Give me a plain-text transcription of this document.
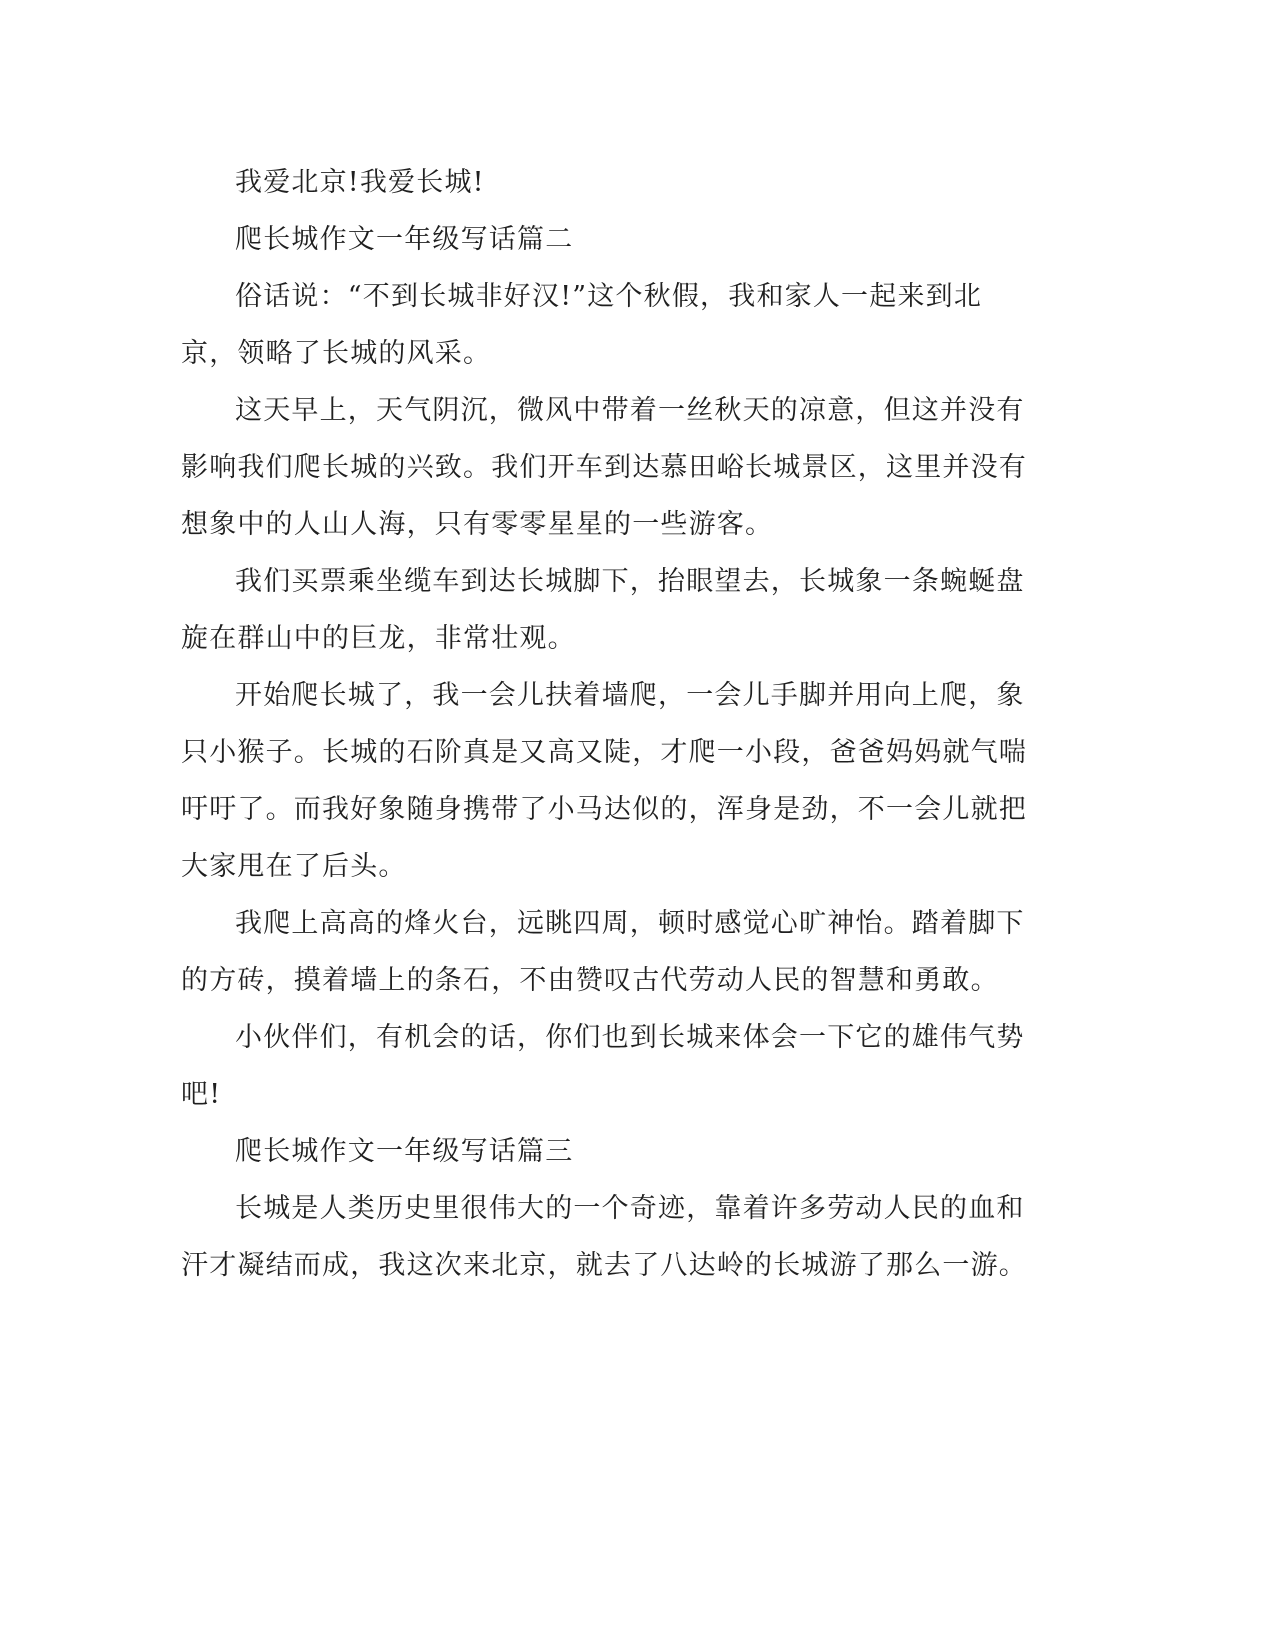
我爱北京!我爱长城!

爬长城作文一年级写话篇二

俗话说：“不到长城非好汉!”这个秋假，我和家人一起来到北京，领略了长城的风采。

这天早上，天气阴沉，微风中带着一丝秋天的凉意，但这并没有影响我们爬长城的兴致。我们开车到达慕田峪长城景区，这里并没有想象中的人山人海，只有零零星星的一些游客。

我们买票乘坐缆车到达长城脚下，抬眼望去，长城象一条蜿蜒盘旋在群山中的巨龙，非常壮观。

开始爬长城了，我一会儿扶着墙爬，一会儿手脚并用向上爬，象只小猴子。长城的石阶真是又高又陡，才爬一小段，爸爸妈妈就气喘吁吁了。而我好象随身携带了小马达似的，浑身是劲，不一会儿就把大家甩在了后头。

我爬上高高的烽火台，远眺四周，顿时感觉心旷神怡。踏着脚下的方砖，摸着墙上的条石，不由赞叹古代劳动人民的智慧和勇敢。

小伙伴们，有机会的话，你们也到长城来体会一下它的雄伟气势吧!

爬长城作文一年级写话篇三

长城是人类历史里很伟大的一个奇迹，靠着许多劳动人民的血和汗才凝结而成，我这次来北京，就去了八达岭的长城游了那么一游。
